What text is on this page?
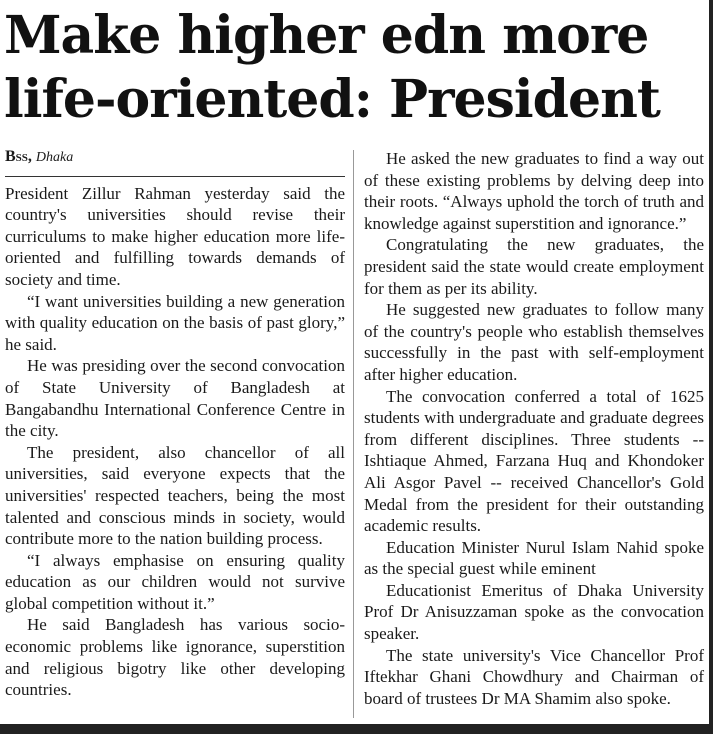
Make higher edn more
life-oriented: President
Bss, Dhaka

President Zillur Rahman yesterday said the country's universities should revise their curriculums to make higher education more life-oriented and fulfilling towards demands of society and time.

“I want universities building a new generation with quality education on the basis of past glory,” he said.

He was presiding over the second convocation of State University of Bangladesh at Bangabandhu International Conference Centre in the city.

The president, also chancellor of all universities, said everyone expects that the universities' respected teachers, being the most talented and conscious minds in society, would contribute more to the nation building process.

“I always emphasise on ensuring quality education as our children would not survive global competition without it.”

He said Bangladesh has various socio-economic problems like ignorance, superstition and religious bigotry like other developing countries.

He asked the new graduates to find a way out of these existing problems by delving deep into their roots. “Always uphold the torch of truth and knowledge against superstition and ignorance.”

Congratulating the new graduates, the president said the state would create employment for them as per its ability.

He suggested new graduates to follow many of the country's people who establish themselves successfully in the past with self-employment after higher education.

The convocation conferred a total of 1625 students with undergraduate and graduate degrees from different disciplines. Three students -- Ishtiaque Ahmed, Farzana Huq and Khondoker Ali Asgor Pavel -- received Chancellor's Gold Medal from the president for their outstanding academic results.

Education Minister Nurul Islam Nahid spoke as the special guest while eminent

Educationist Emeritus of Dhaka University Prof Dr Anisuzzaman spoke as the convocation speaker.

The state university's Vice Chancellor Prof Iftekhar Ghani Chowdhury and Chairman of board of trustees Dr MA Shamim also spoke.
